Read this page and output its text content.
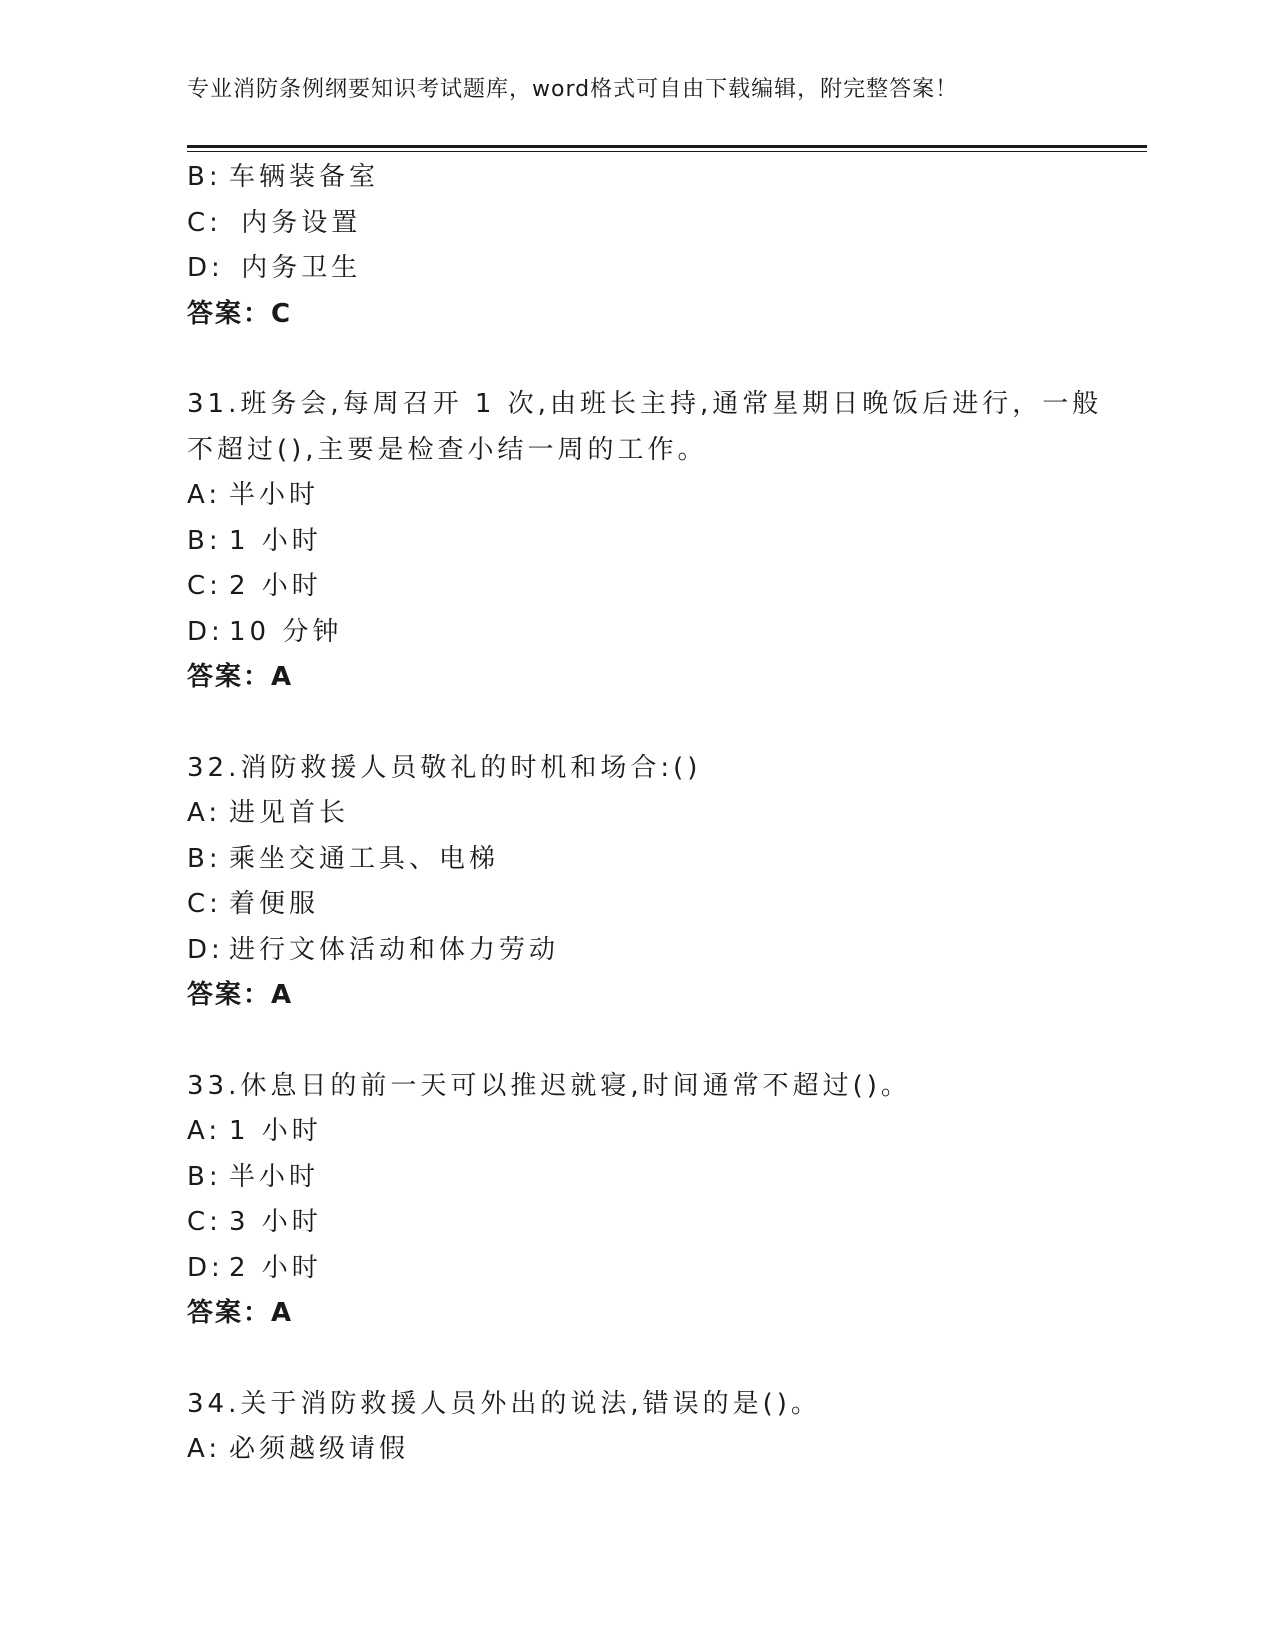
专业消防条例纲要知识考试题库，word格式可自由下载编辑，附完整答案！
B: 车辆装备室
C: 内务设置
D: 内务卫生
答案：C
31.班务会,每周召开 1 次,由班长主持,通常星期日晚饭后进行，一般
不超过(),主要是检查小结一周的工作。
A: 半小时
B: 1 小时
C: 2 小时
D: 10 分钟
答案：A
32.消防救援人员敬礼的时机和场合:()
A: 进见首长
B: 乘坐交通工具、电梯
C: 着便服
D: 进行文体活动和体力劳动
答案：A
33.休息日的前一天可以推迟就寝,时间通常不超过()。
A: 1 小时
B: 半小时
C: 3 小时
D: 2 小时
答案：A
34.关于消防救援人员外出的说法,错误的是()。
A: 必须越级请假
